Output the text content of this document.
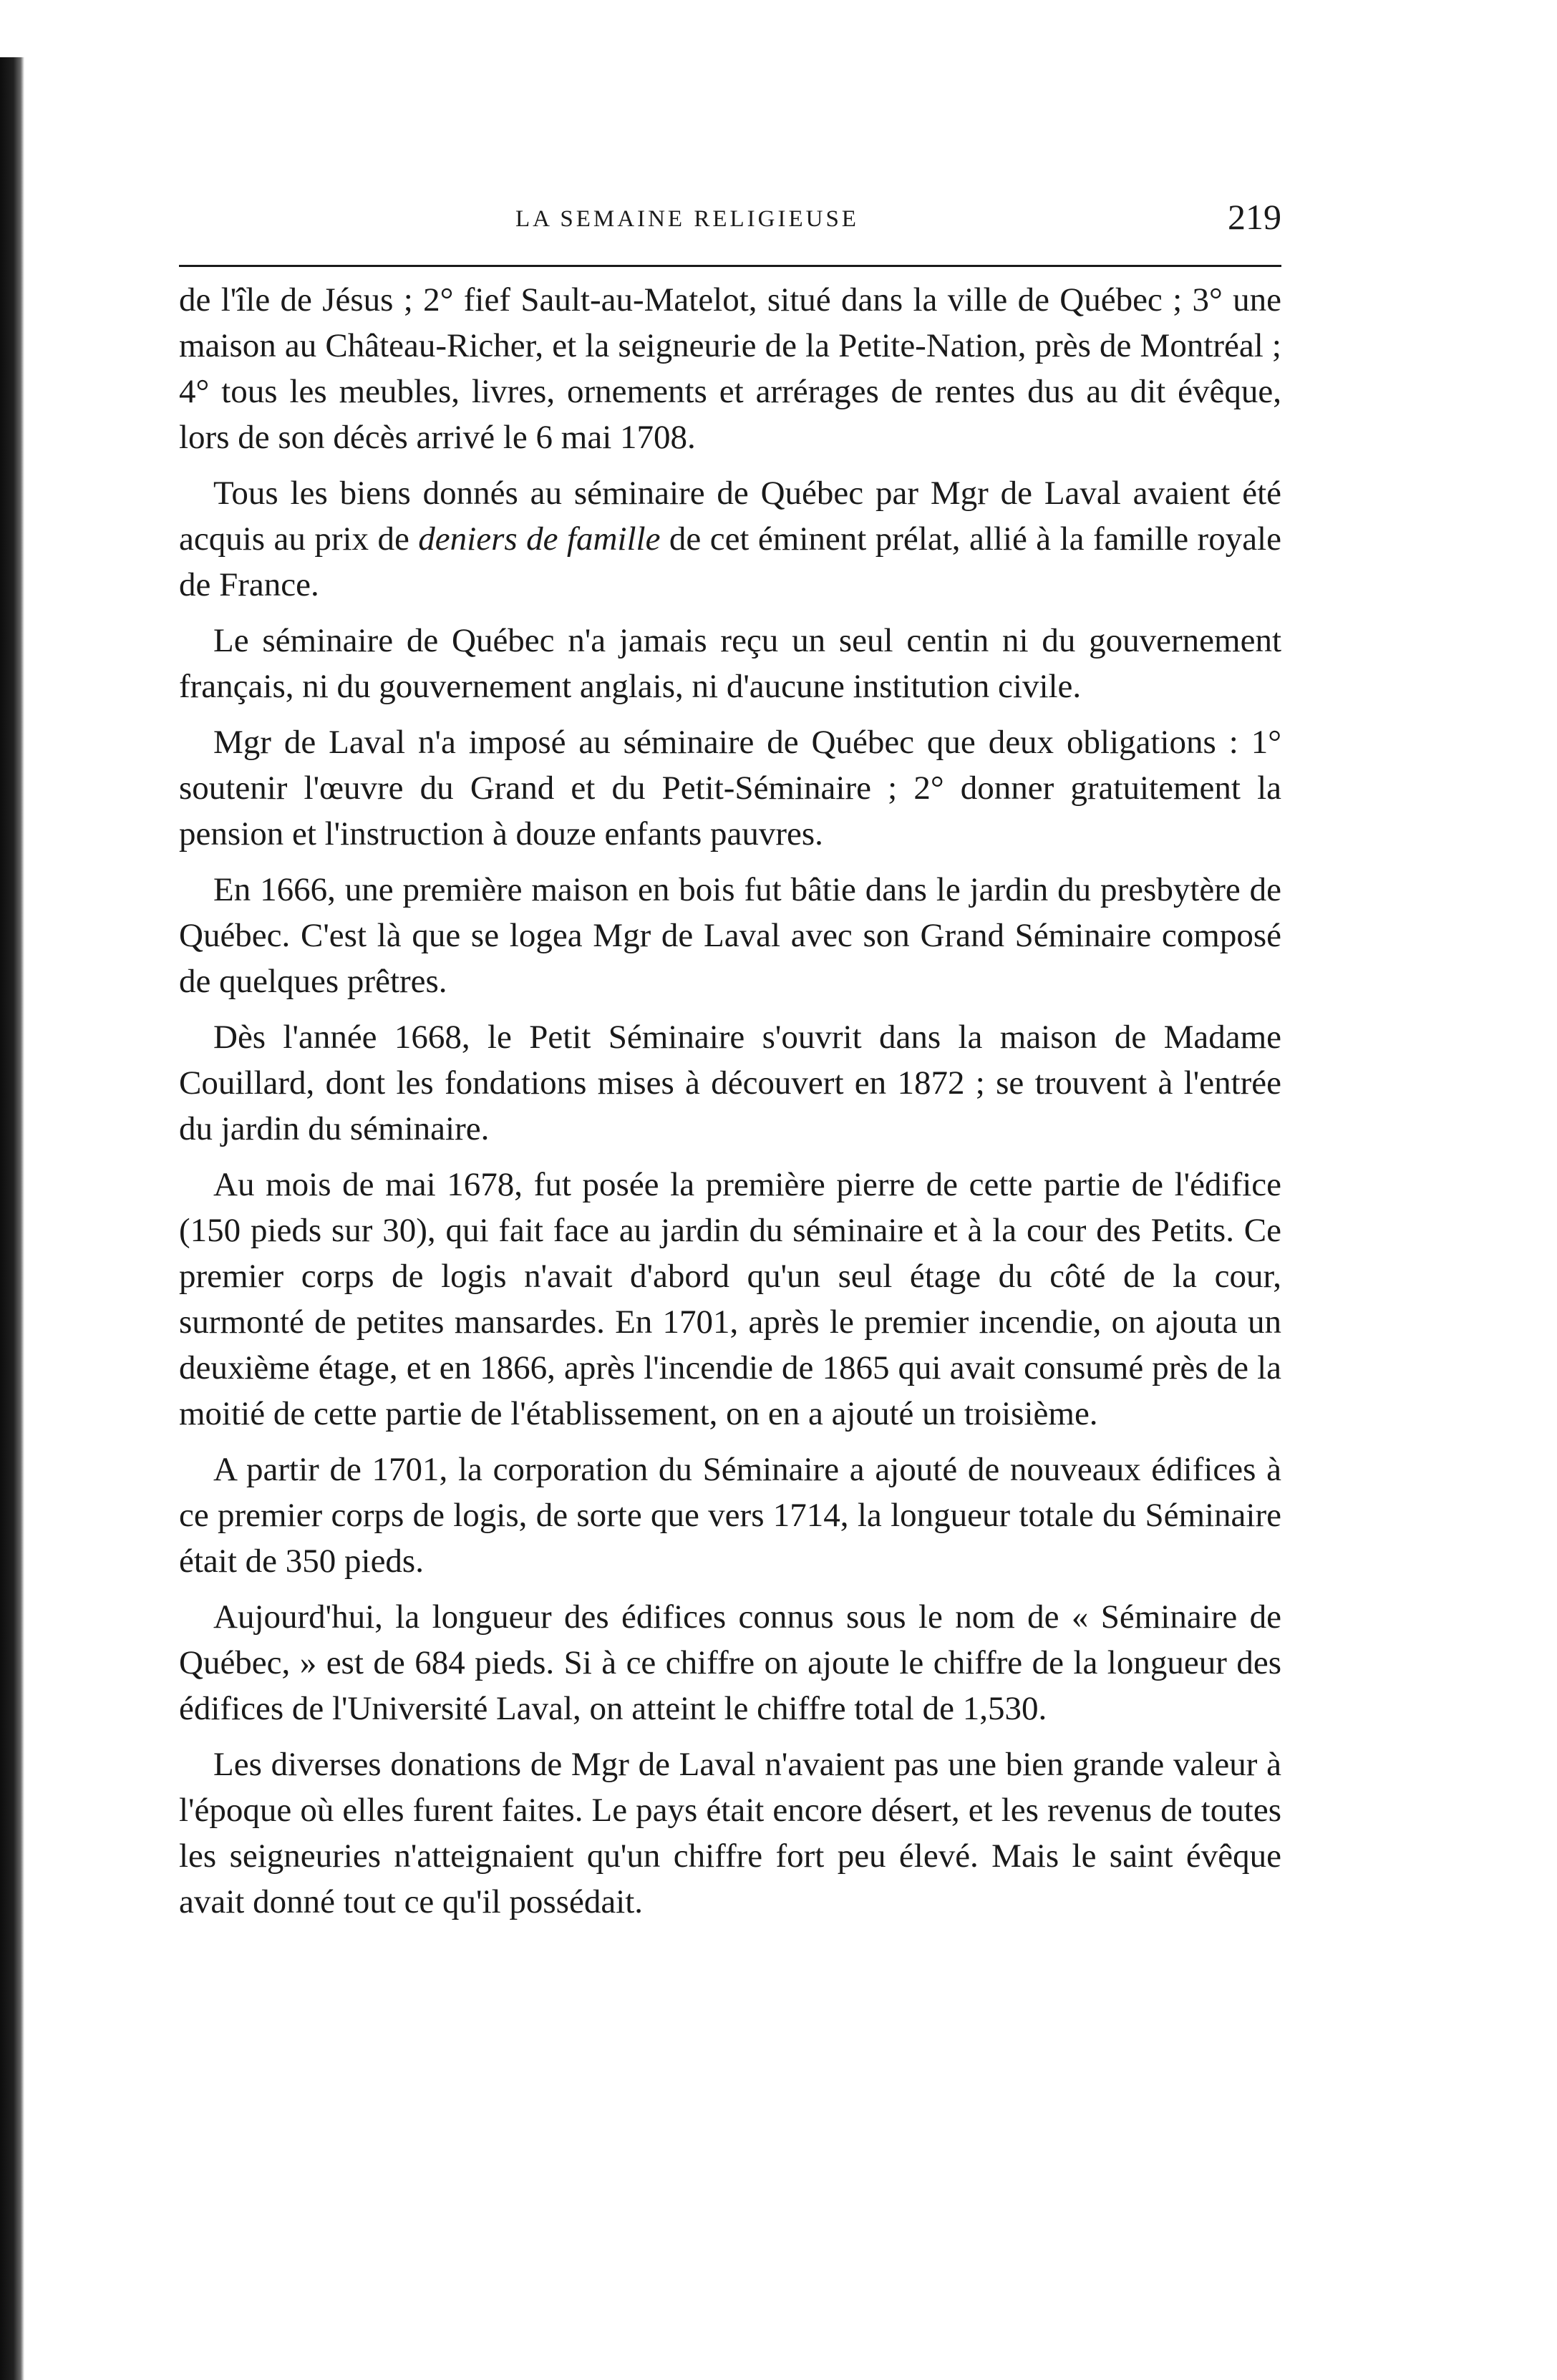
LA SEMAINE RELIGIEUSE	219

de l'île de Jésus ; 2° fief Sault-au-Matelot, situé dans la ville de Québec ; 3° une maison au Château-Richer, et la seigneurie de la Petite-Nation, près de Montréal ; 4° tous les meubles, livres, ornements et arrérages de rentes dus au dit évêque, lors de son décès arrivé le 6 mai 1708.

Tous les biens donnés au séminaire de Québec par Mgr de Laval avaient été acquis au prix de deniers de famille de cet éminent prélat, allié à la famille royale de France.

Le séminaire de Québec n'a jamais reçu un seul centin ni du gouvernement français, ni du gouvernement anglais, ni d'aucune institution civile.

Mgr de Laval n'a imposé au séminaire de Québec que deux obligations : 1° soutenir l'œuvre du Grand et du Petit-Séminaire ; 2° donner gratuitement la pension et l'instruction à douze enfants pauvres.

En 1666, une première maison en bois fut bâtie dans le jardin du presbytère de Québec. C'est là que se logea Mgr de Laval avec son Grand Séminaire composé de quelques prêtres.

Dès l'année 1668, le Petit Séminaire s'ouvrit dans la maison de Madame Couillard, dont les fondations mises à découvert en 1872 ; se trouvent à l'entrée du jardin du séminaire.

Au mois de mai 1678, fut posée la première pierre de cette partie de l'édifice (150 pieds sur 30), qui fait face au jardin du séminaire et à la cour des Petits. Ce premier corps de logis n'avait d'abord qu'un seul étage du côté de la cour, surmonté de petites mansardes. En 1701, après le premier incendie, on ajouta un deuxième étage, et en 1866, après l'incendie de 1865 qui avait consumé près de la moitié de cette partie de l'établissement, on en a ajouté un troisième.

A partir de 1701, la corporation du Séminaire a ajouté de nouveaux édifices à ce premier corps de logis, de sorte que vers 1714, la longueur totale du Séminaire était de 350 pieds.

Aujourd'hui, la longueur des édifices connus sous le nom de « Séminaire de Québec, » est de 684 pieds. Si à ce chiffre on ajoute le chiffre de la longueur des édifices de l'Université Laval, on atteint le chiffre total de 1,530.

Les diverses donations de Mgr de Laval n'avaient pas une bien grande valeur à l'époque où elles furent faites. Le pays était encore désert, et les revenus de toutes les seigneuries n'atteignaient qu'un chiffre fort peu élevé. Mais le saint évêque avait donné tout ce qu'il possédait.
